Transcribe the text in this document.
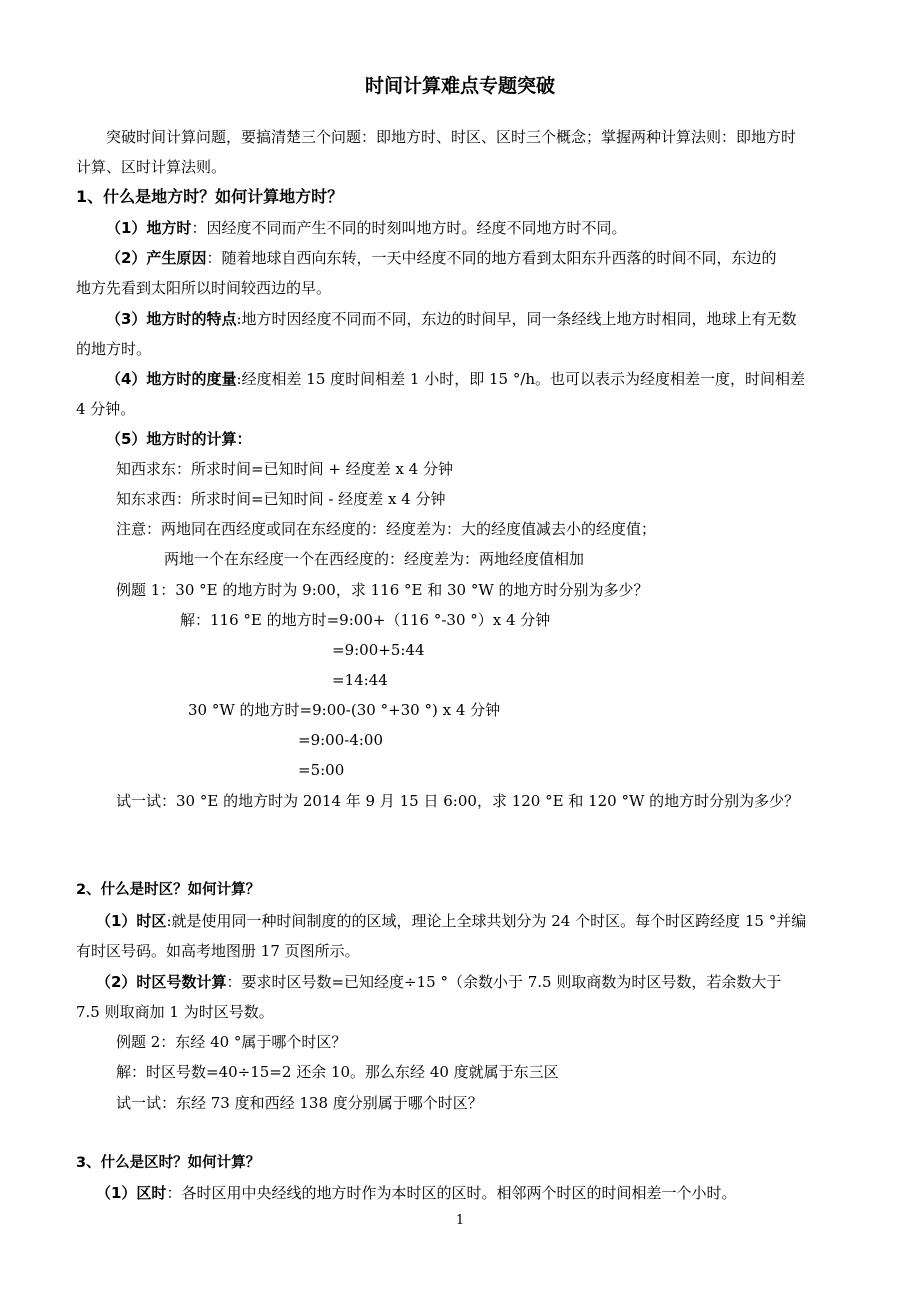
时间计算难点专题突破
突破时间计算问题，要搞清楚三个问题：即地方时、时区、区时三个概念；掌握两种计算法则：即地方时
计算、区时计算法则。
1、什么是地方时？如何计算地方时？
（1）地方时：因经度不同而产生不同的时刻叫地方时。经度不同地方时不同。
（2）产生原因：随着地球自西向东转，一天中经度不同的地方看到太阳东升西落的时间不同，东边的
地方先看到太阳所以时间较西边的早。
（3）地方时的特点:地方时因经度不同而不同，东边的时间早，同一条经线上地方时相同，地球上有无数
的地方时。
（4）地方时的度量:经度相差 15 度时间相差 1 小时，即 15 °/h。也可以表示为经度相差一度，时间相差
4 分钟。
（5）地方时的计算：
知西求东：所求时间=已知时间 + 经度差 x 4 分钟
知东求西：所求时间=已知时间 - 经度差 x 4 分钟
注意：两地同在西经度或同在东经度的：经度差为：大的经度值减去小的经度值；
两地一个在东经度一个在西经度的：经度差为：两地经度值相加
例题 1：30 °E 的地方时为 9:00，求 116 °E 和 30 °W 的地方时分别为多少？
解：116 °E 的地方时=9:00+（116 °-30 °）x 4 分钟
=9:00+5:44
=14:44
30 °W 的地方时=9:00-(30 °+30 °) x 4 分钟
=9:00-4:00
=5:00
试一试：30 °E 的地方时为 2014 年 9 月 15 日 6:00，求 120 °E 和 120 °W 的地方时分别为多少？
2、什么是时区？如何计算？
（1）时区:就是使用同一种时间制度的的区域，理论上全球共划分为 24 个时区。每个时区跨经度 15 °并编
有时区号码。如高考地图册 17 页图所示。
（2）时区号数计算：要求时区号数=已知经度÷15 °（余数小于 7.5 则取商数为时区号数，若余数大于
7.5 则取商加 1 为时区号数。
例题 2：东经 40 °属于哪个时区？
解：时区号数=40÷15=2 还余 10。那么东经 40 度就属于东三区
试一试：东经 73 度和西经 138 度分别属于哪个时区？
3、什么是区时？如何计算？
（1）区时：各时区用中央经线的地方时作为本时区的区时。相邻两个时区的时间相差一个小时。
1
